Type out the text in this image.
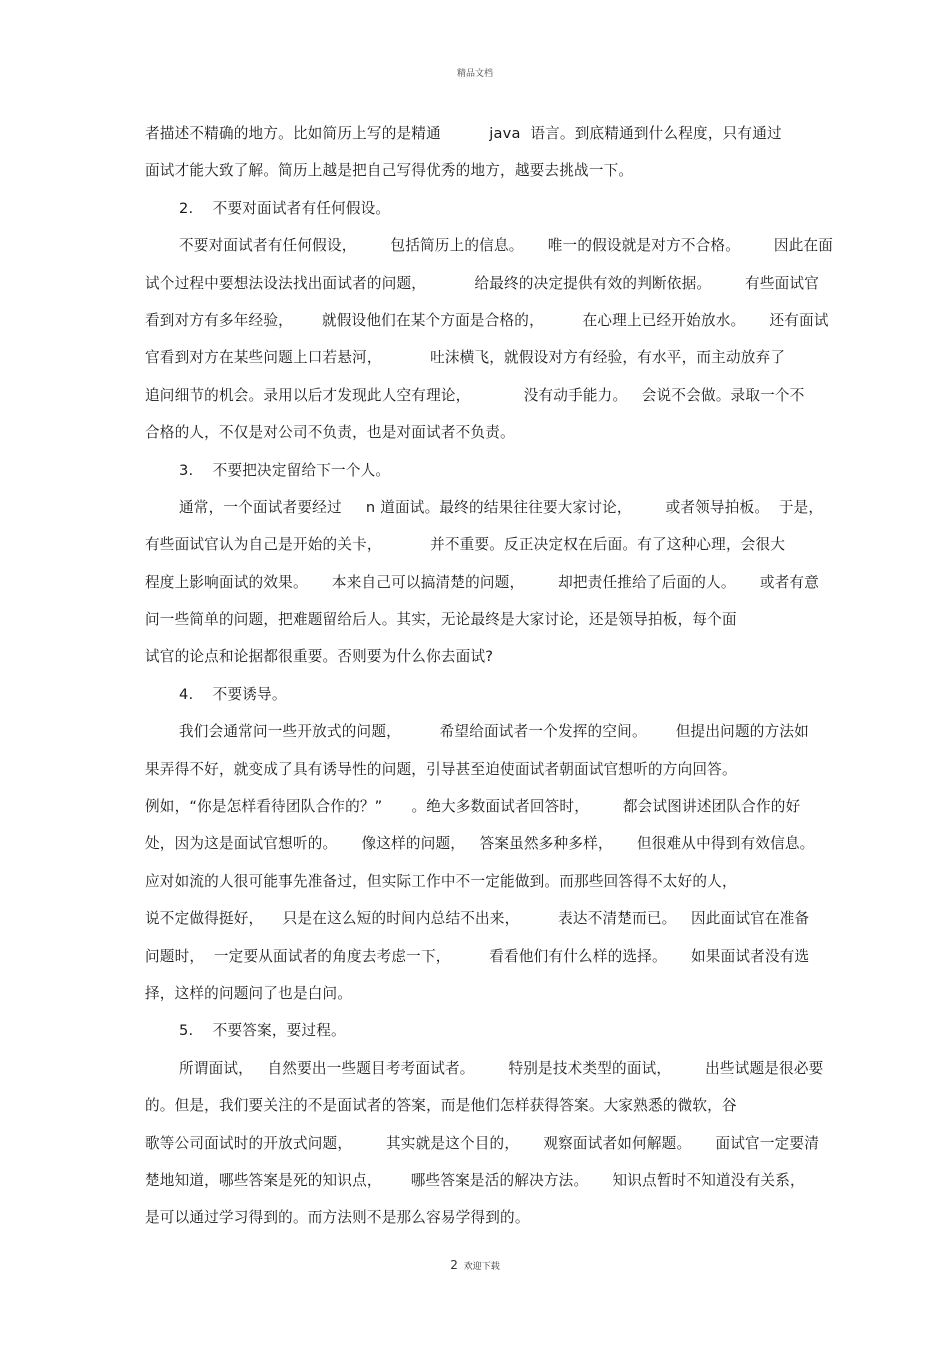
精品文档
者描述不精确的地方。比如简历上写的是精通          java  语言。到底精通到什么程度，只有通过
面试才能大致了解。简历上越是把自己写得优秀的地方，越要去挑战一下。
2.    不要对面试者有任何假设。
不要对面试者有任何假设，       包括简历上的信息。     唯一的假设就是对方不合格。       因此在面
试个过程中要想法设法找出面试者的问题，          给最终的决定提供有效的判断依据。       有些面试官
看到对方有多年经验，      就假设他们在某个方面是合格的，        在心理上已经开始放水。     还有面试
官看到对方在某些问题上口若悬河，          吐沫横飞，就假设对方有经验，有水平，而主动放弃了
追问细节的机会。录用以后才发现此人空有理论，           没有动手能力。   会说不会做。录取一个不
合格的人，不仅是对公司不负责，也是对面试者不负责。
3.    不要把决定留给下一个人。
通常，一个面试者要经过     n 道面试。最终的结果往往要大家讨论，       或者领导拍板。  于是，
有些面试官认为自己是开始的关卡，          并不重要。反正决定权在后面。有了这种心理，会很大
程度上影响面试的效果。     本来自己可以搞清楚的问题，       却把责任推给了后面的人。     或者有意
问一些简单的问题，把难题留给后人。其实，无论最终是大家讨论，还是领导拍板，每个面
试官的论点和论据都很重要。否则要为什么你去面试?
4.    不要诱导。
我们会通常问一些开放式的问题，        希望给面试者一个发挥的空间。      但提出问题的方法如
果弄得不好，就变成了具有诱导性的问题，引导甚至迫使面试者朝面试官想听的方向回答。
例如，“你是怎样看待团队合作的？”      。绝大多数面试者回答时，       都会试图讲述团队合作的好
处，因为这是面试官想听的。     像这样的问题，   答案虽然多种多样，     但很难从中得到有效信息。
应对如流的人很可能事先准备过，但实际工作中不一定能做到。而那些回答得不太好的人，
说不定做得挺好，    只是在这么短的时间内总结不出来，        表达不清楚而已。   因此面试官在准备
问题时，  一定要从面试者的角度去考虑一下，        看看他们有什么样的选择。     如果面试者没有选
择，这样的问题问了也是白问。
5.    不要答案，要过程。
所谓面试，   自然要出一些题目考考面试者。       特别是技术类型的面试，       出些试题是很必要
的。但是，我们要关注的不是面试者的答案，而是他们怎样获得答案。大家熟悉的微软，谷
歌等公司面试时的开放式问题，       其实就是这个目的，     观察面试者如何解题。     面试官一定要清
楚地知道，哪些答案是死的知识点，      哪些答案是活的解决方法。     知识点暂时不知道没有关系，
是可以通过学习得到的。而方法则不是那么容易学得到的。
2 欢迎下载
